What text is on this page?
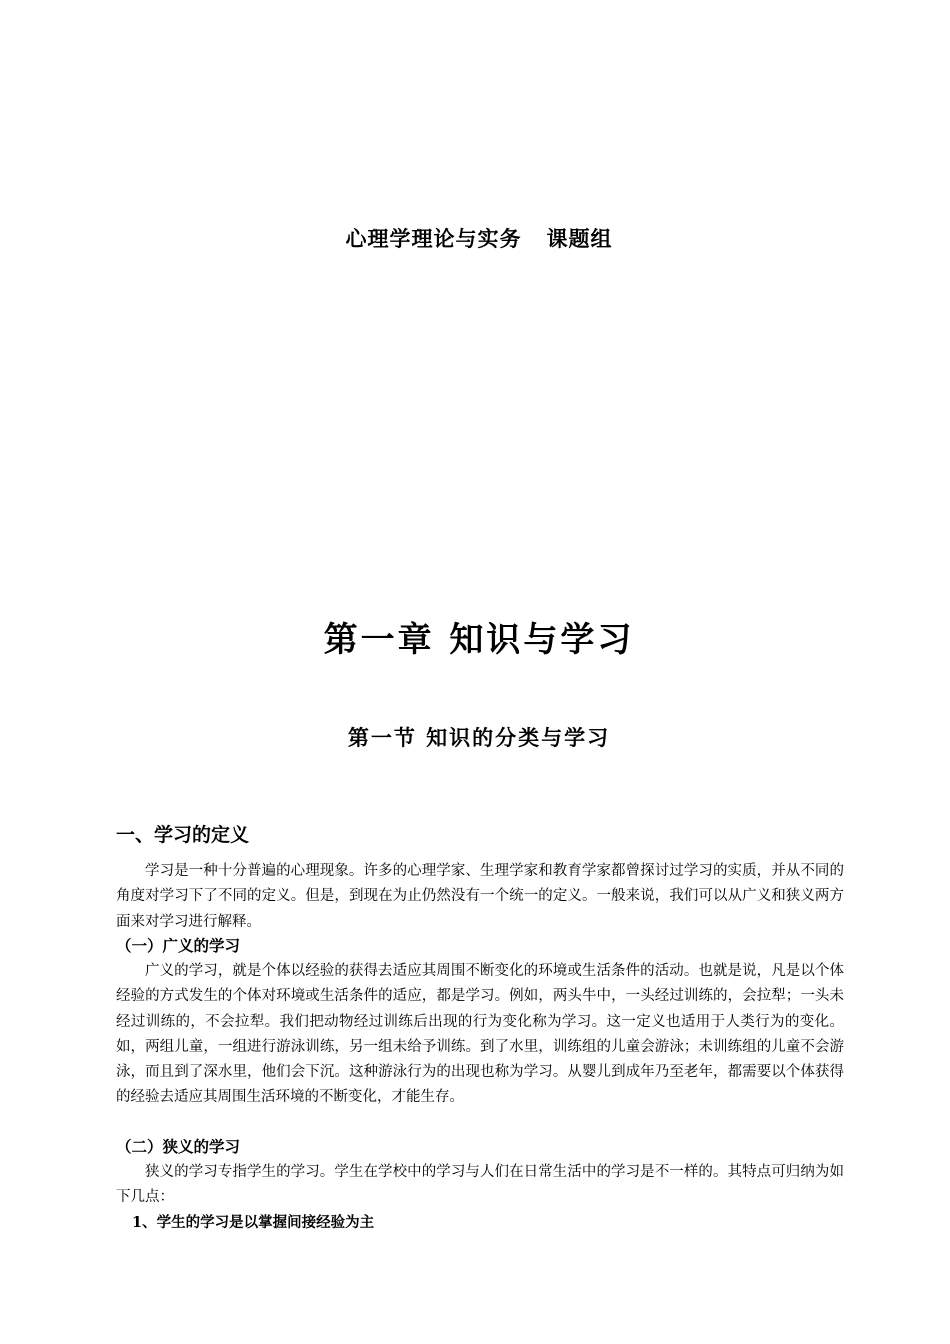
心理学理论与实务   课题组
第一章 知识与学习
第一节 知识的分类与学习
一、学习的定义

学习是一种十分普遍的心理现象。许多的心理学家、生理学家和教育学家都曾探讨过学习的实质，并从不同的角度对学习下了不同的定义。但是，到现在为止仍然没有一个统一的定义。一般来说，我们可以从广义和狭义两方面来对学习进行解释。

（一）广义的学习

广义的学习，就是个体以经验的获得去适应其周围不断变化的环境或生活条件的活动。也就是说，凡是以个体经验的方式发生的个体对环境或生活条件的适应，都是学习。例如，两头牛中，一头经过训练的，会拉犁；一头未经过训练的，不会拉犁。我们把动物经过训练后出现的行为变化称为学习。这一定义也适用于人类行为的变化。如，两组儿童，一组进行游泳训练，另一组未给予训练。到了水里，训练组的儿童会游泳；未训练组的儿童不会游泳，而且到了深水里，他们会下沉。这种游泳行为的出现也称为学习。从婴儿到成年乃至老年，都需要以个体获得的经验去适应其周围生活环境的不断变化，才能生存。

（二）狭义的学习

狭义的学习专指学生的学习。学生在学校中的学习与人们在日常生活中的学习是不一样的。其特点可归纳为如下几点：

1、学生的学习是以掌握间接经验为主
